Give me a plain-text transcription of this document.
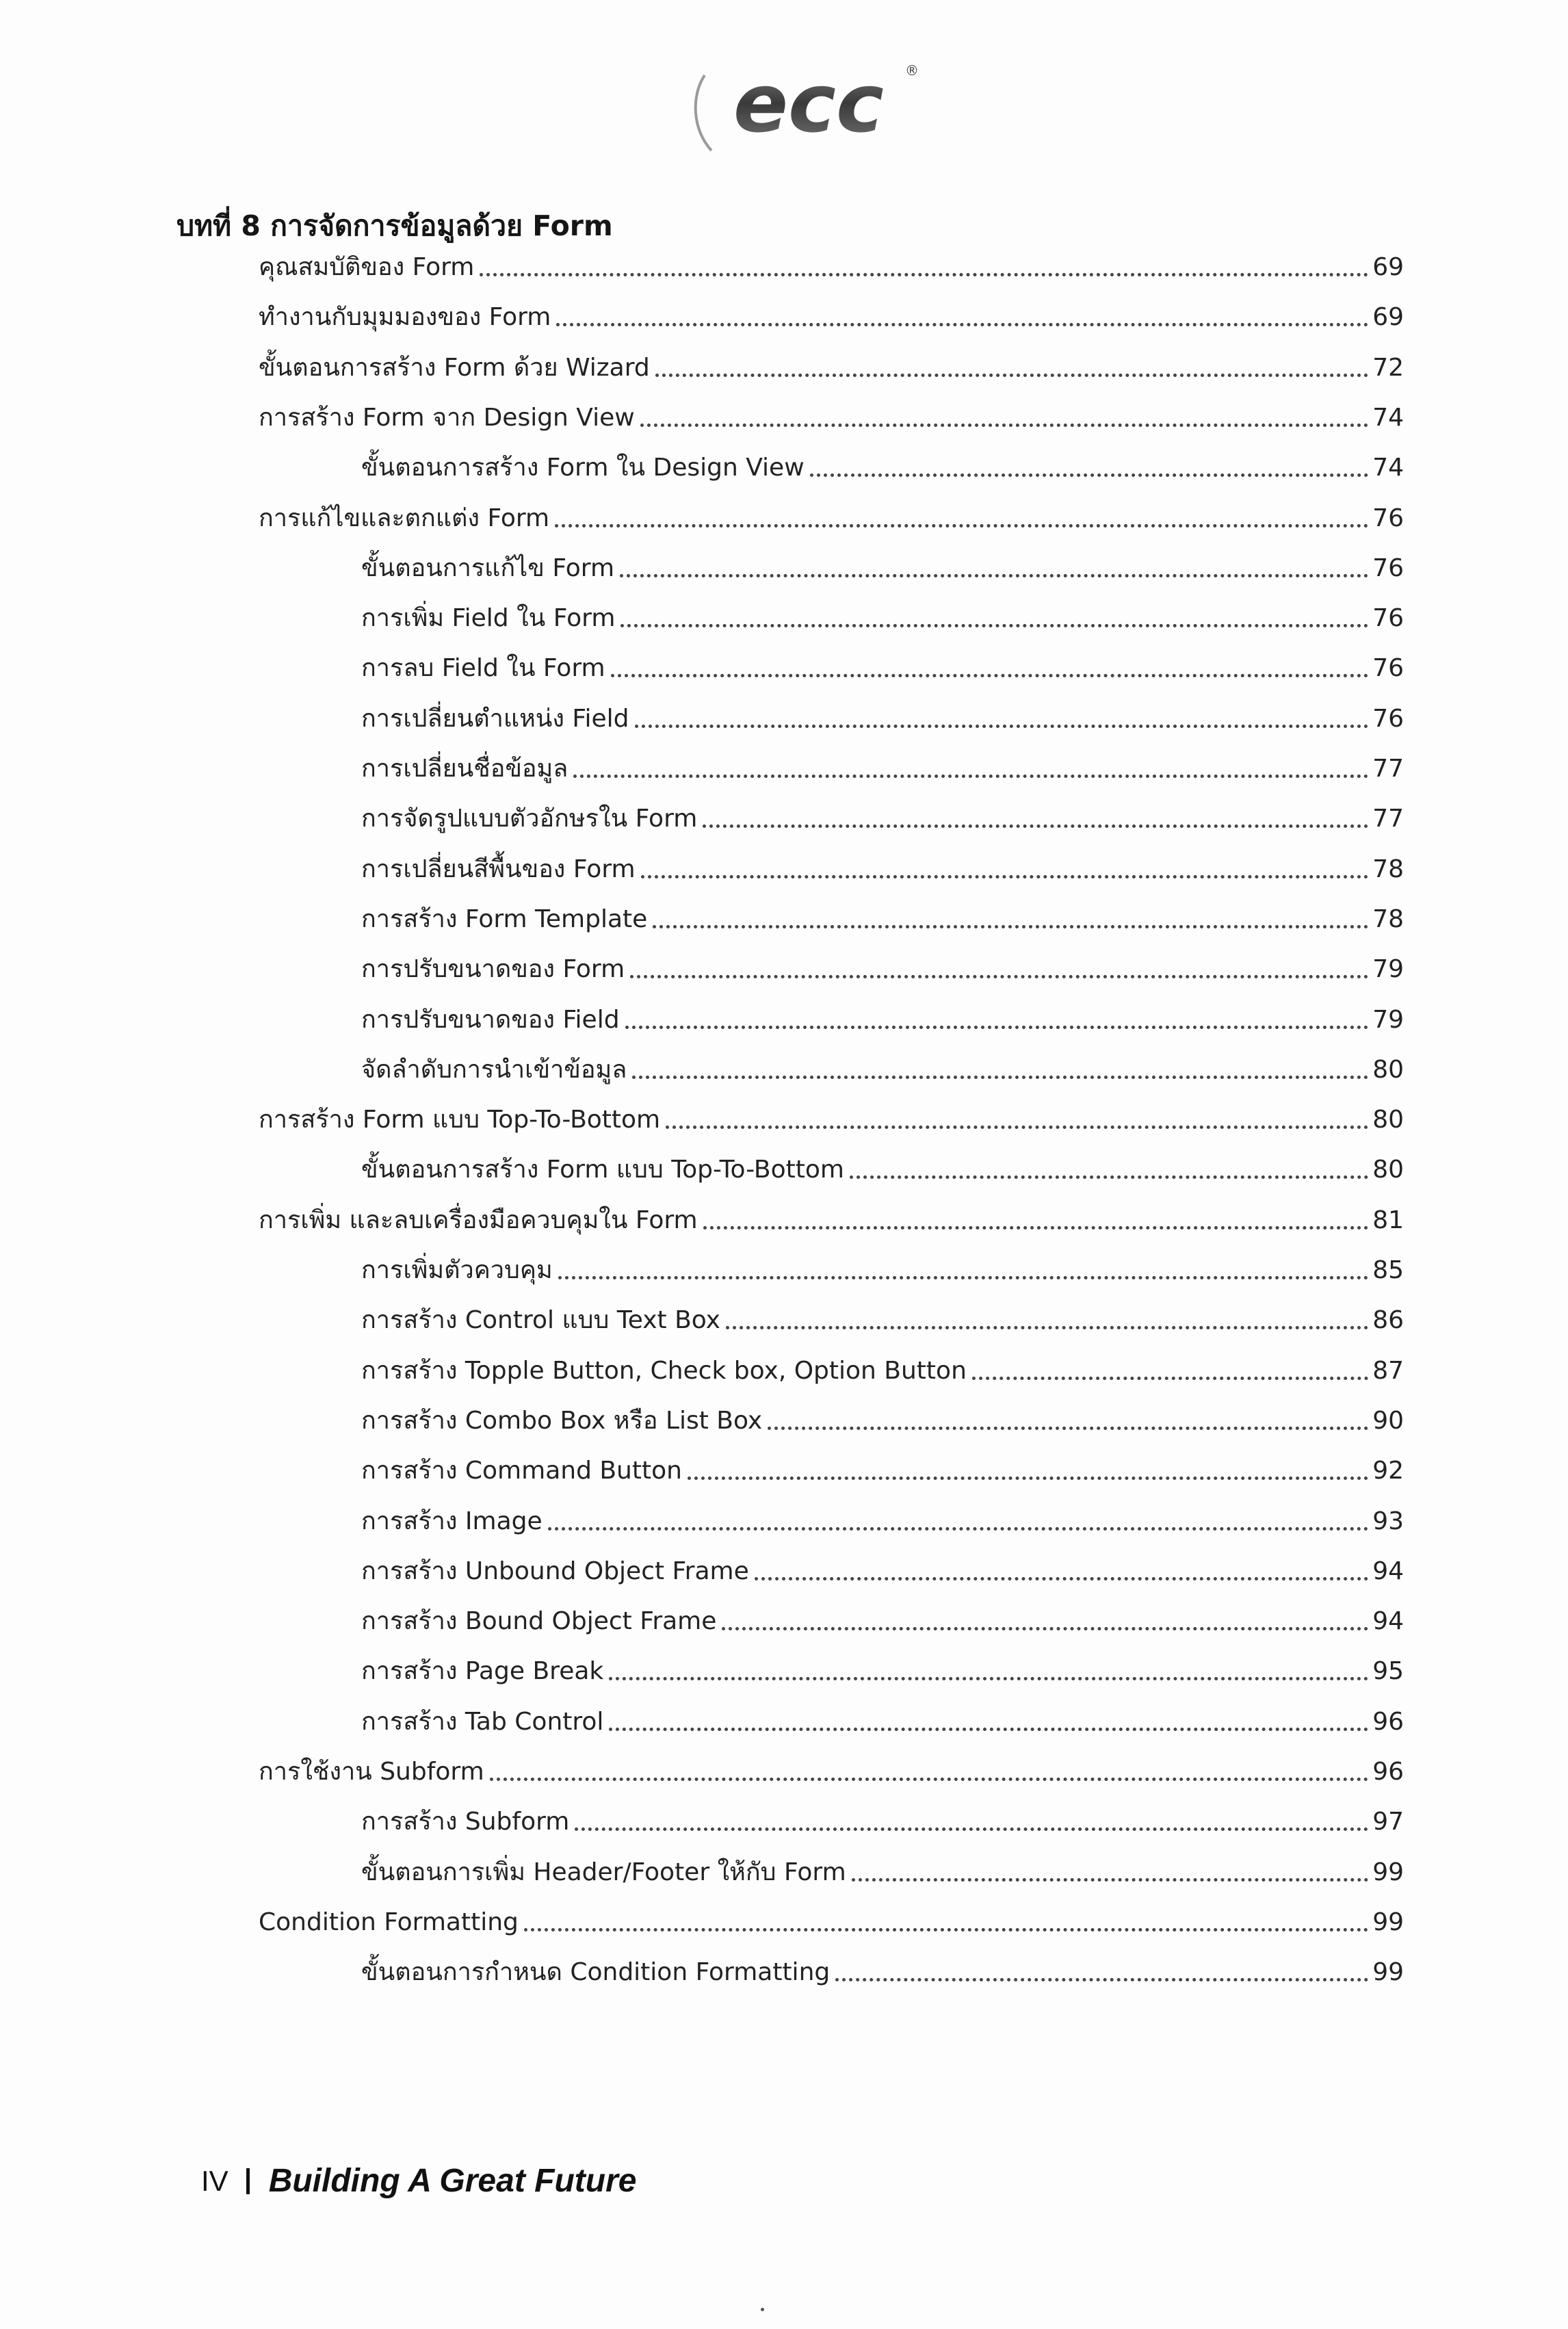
ecc ®
บทที่ 8 การจัดการข้อมูลด้วย Form
คุณสมบัติของ Form	69
ทำงานกับมุมมองของ Form	69
ขั้นตอนการสร้าง Form ด้วย Wizard	72
การสร้าง Form จาก Design View	74
ขั้นตอนการสร้าง Form ใน Design View	74
การแก้ไขและตกแต่ง Form	76
ขั้นตอนการแก้ไข Form	76
การเพิ่ม Field ใน Form	76
การลบ Field ใน Form	76
การเปลี่ยนตำแหน่ง Field	76
การเปลี่ยนชื่อข้อมูล	77
การจัดรูปแบบตัวอักษรใน Form	77
การเปลี่ยนสีพื้นของ Form	78
การสร้าง Form Template	78
การปรับขนาดของ Form	79
การปรับขนาดของ Field	79
จัดลำดับการนำเข้าข้อมูล	80
การสร้าง Form แบบ Top-To-Bottom	80
ขั้นตอนการสร้าง Form แบบ Top-To-Bottom	80
การเพิ่ม และลบเครื่องมือควบคุมใน Form	81
การเพิ่มตัวควบคุม	85
การสร้าง Control แบบ Text Box	86
การสร้าง Topple Button, Check box, Option Button	87
การสร้าง Combo Box หรือ List Box	90
การสร้าง Command Button	92
การสร้าง Image	93
การสร้าง Unbound Object Frame	94
การสร้าง Bound Object Frame	94
การสร้าง Page Break	95
การสร้าง Tab Control	96
การใช้งาน Subform	96
การสร้าง Subform	97
ขั้นตอนการเพิ่ม Header/Footer ให้กับ Form	99
Condition Formatting	99
ขั้นตอนการกำหนด Condition Formatting	99
IV Building A Great Future
